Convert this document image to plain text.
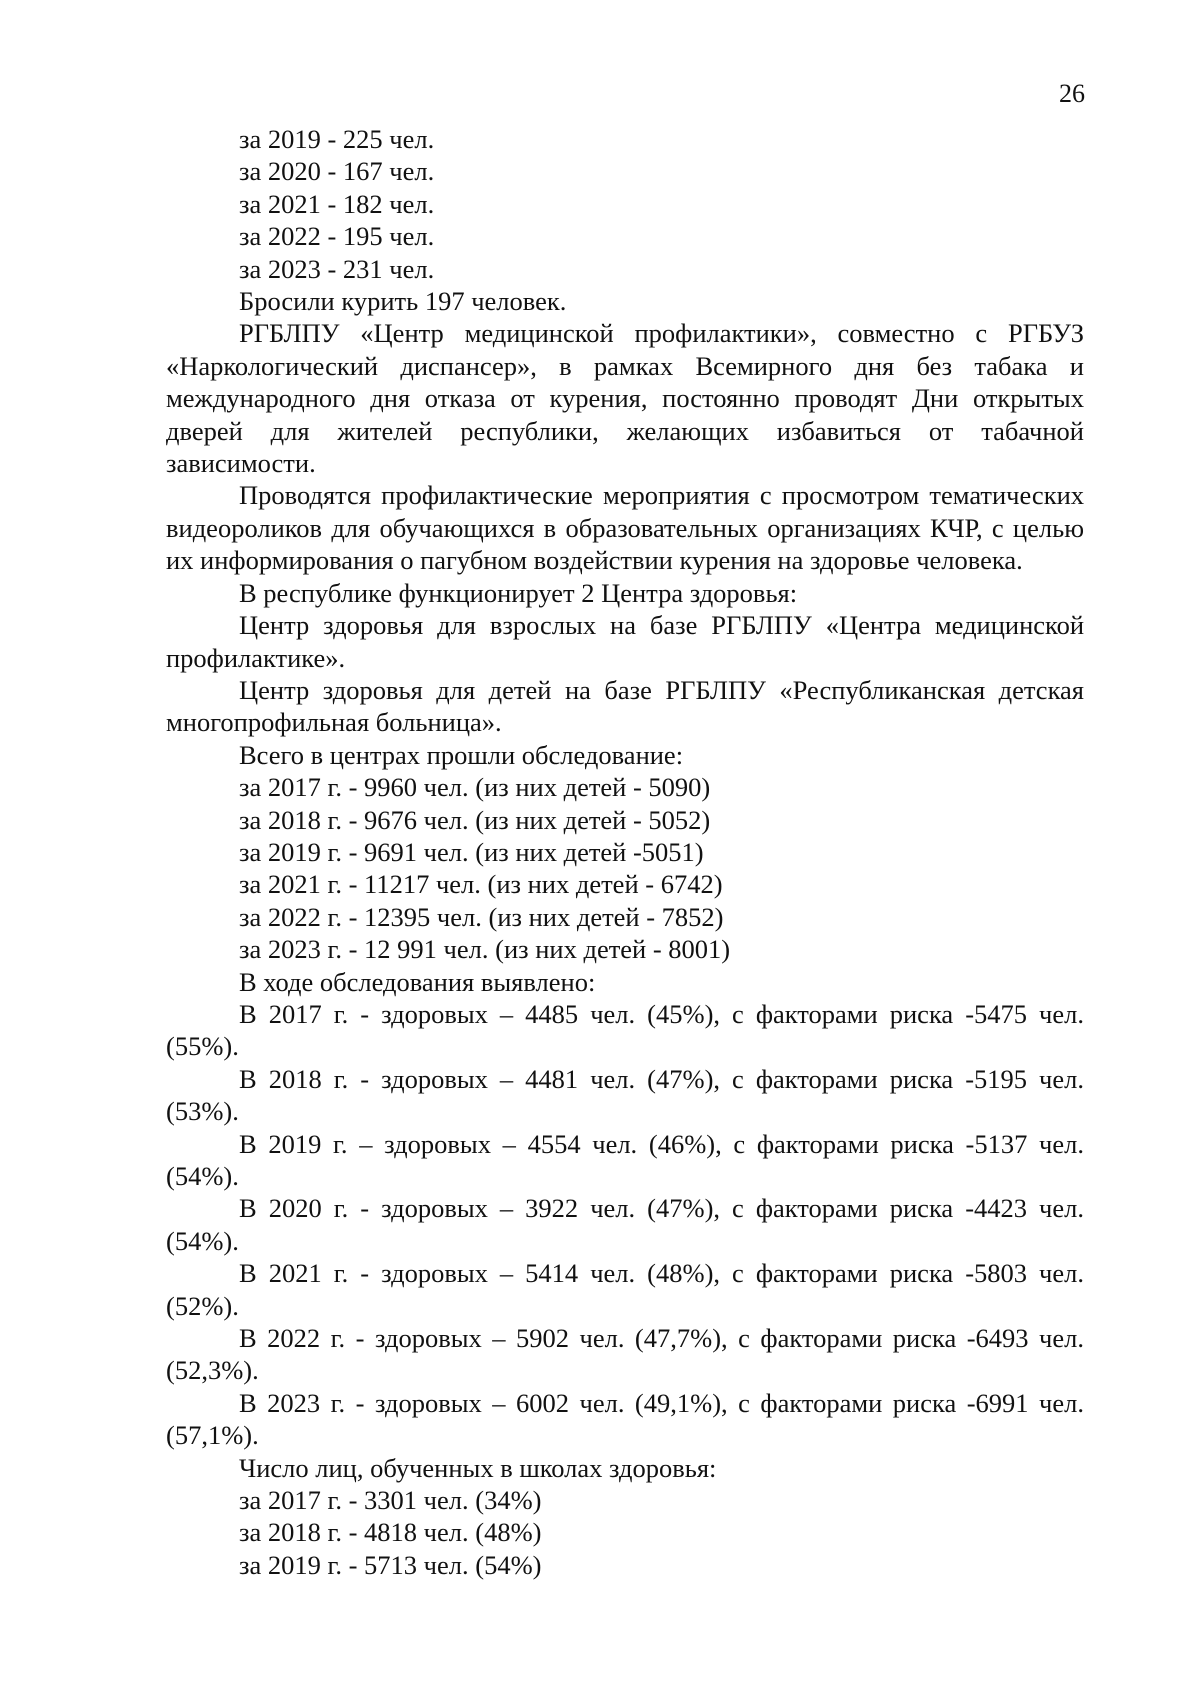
26
за 2019 - 225 чел.
за 2020 - 167 чел.
за 2021 - 182 чел.
за 2022 - 195 чел.
за 2023 - 231 чел.
Бросили курить 197 человек.
РГБЛПУ «Центр медицинской профилактики», совместно с РГБУЗ «Наркологический диспансер», в рамках Всемирного дня без табака и международного дня отказа от курения, постоянно проводят Дни открытых дверей для жителей республики, желающих избавиться от табачной зависимости.
Проводятся профилактические мероприятия с просмотром тематических видеороликов для обучающихся в образовательных организациях КЧР, с целью их информирования о пагубном воздействии курения на здоровье человека.
В республике функционирует 2 Центра здоровья:
Центр здоровья для взрослых на базе РГБЛПУ «Центра медицинской профилактике».
Центр здоровья для детей на базе РГБЛПУ «Республиканская детская многопрофильная больница».
Всего в центрах прошли обследование:
за 2017 г. - 9960 чел. (из них детей - 5090)
за 2018 г. - 9676 чел. (из них детей - 5052)
за 2019 г. - 9691 чел. (из них детей -5051)
за 2021 г. - 11217 чел. (из них детей - 6742)
за 2022 г. - 12395 чел. (из них детей - 7852)
за 2023 г. - 12 991 чел. (из них детей - 8001)
В ходе обследования выявлено:
В 2017 г. - здоровых – 4485 чел. (45%), с факторами риска -5475 чел. (55%).
В 2018 г. - здоровых – 4481 чел. (47%), с факторами риска -5195 чел. (53%).
В 2019 г. – здоровых – 4554 чел. (46%), с факторами риска -5137 чел. (54%).
В 2020 г. - здоровых – 3922 чел. (47%), с факторами риска -4423 чел. (54%).
В 2021 г. - здоровых – 5414 чел. (48%), с факторами риска -5803 чел. (52%).
В 2022 г. - здоровых – 5902 чел. (47,7%), с факторами риска -6493 чел. (52,3%).
В 2023 г. - здоровых – 6002 чел. (49,1%), с факторами риска -6991 чел. (57,1%).
Число лиц, обученных в школах здоровья:
за 2017 г. - 3301 чел. (34%)
за 2018 г. - 4818 чел. (48%)
за 2019 г. - 5713 чел. (54%)
